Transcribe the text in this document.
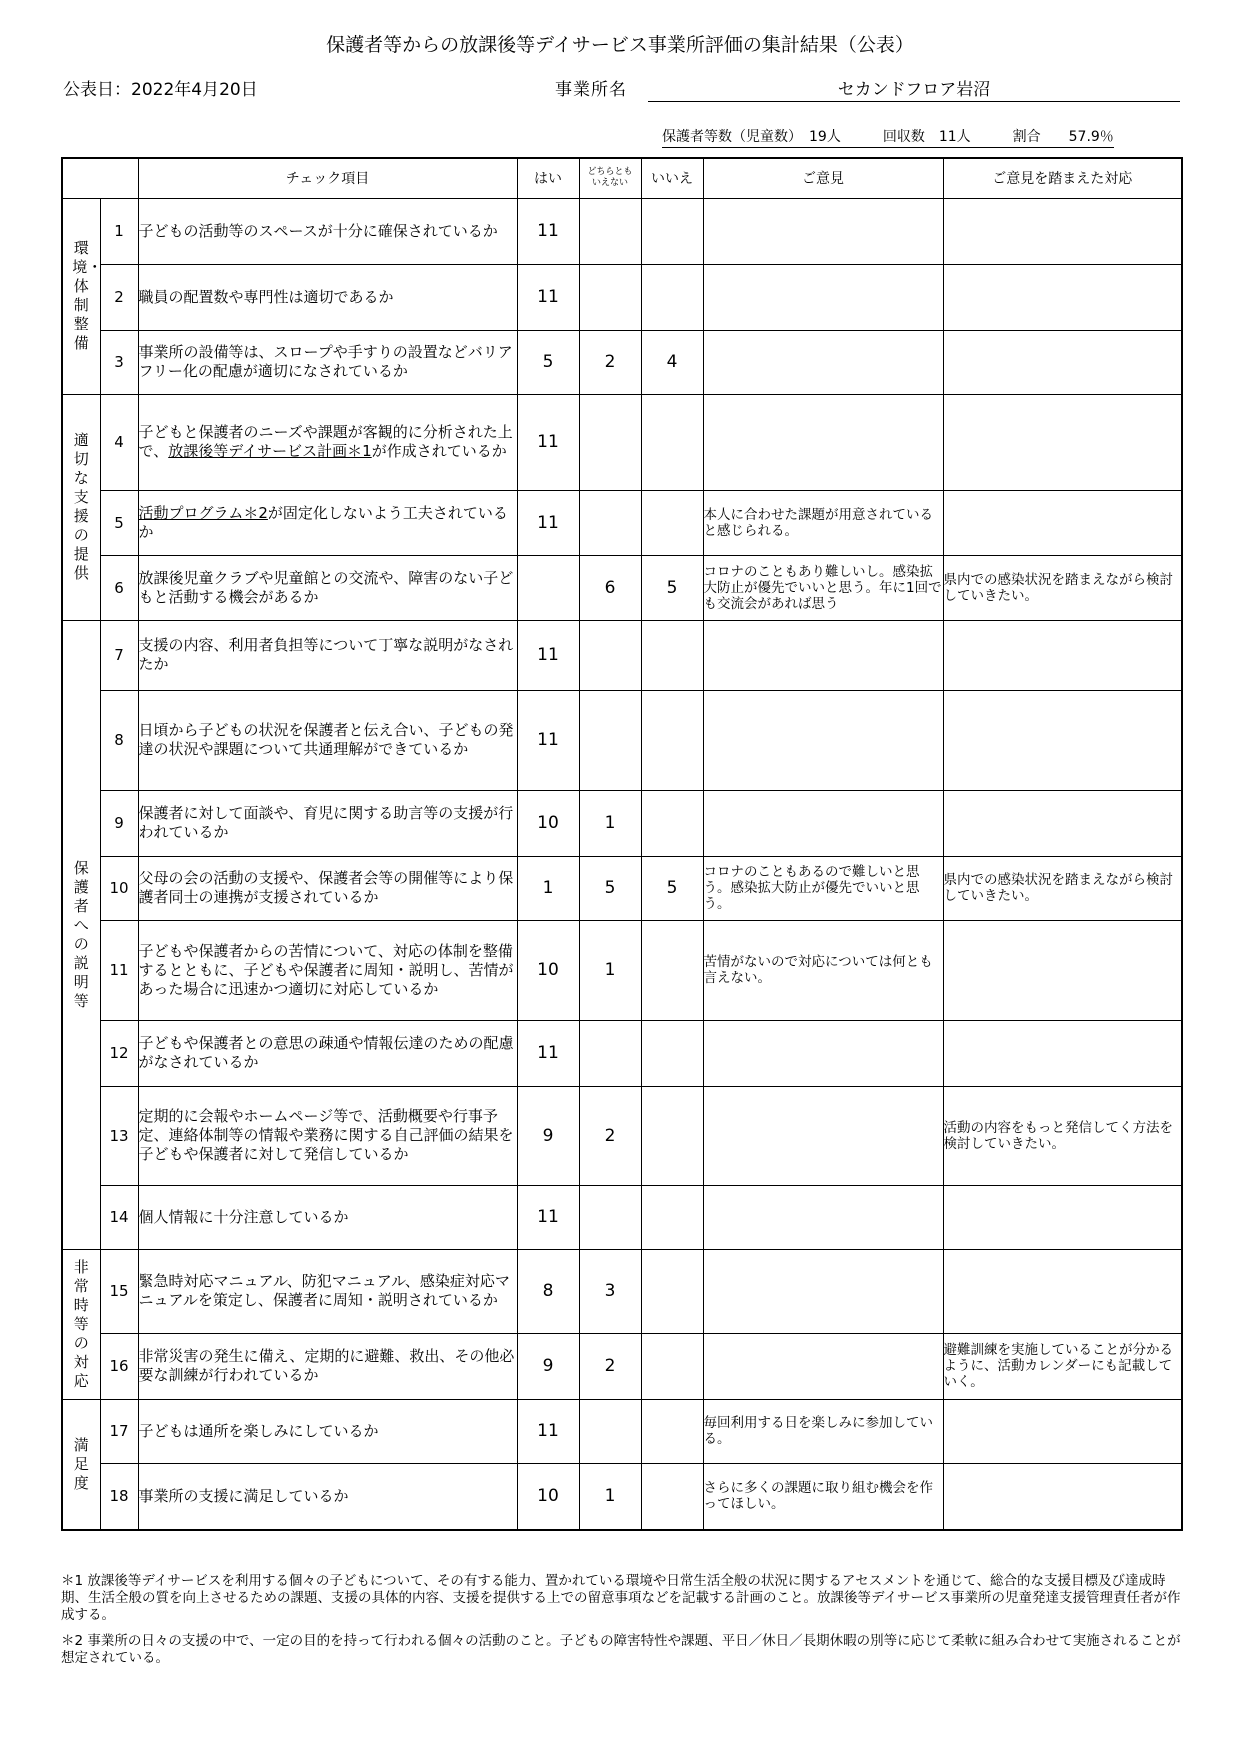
保護者等からの放課後等デイサービス事業所評価の集計結果（公表）
公表日：2022年4月20日	事業所名	セカンドフロア岩沼
保護者等数（児童数）　19人　　　回収数　11人　　　割合　　57.9％
		チェック項目	はい	どちらとも
いえない	いいえ	ご意見	ご意見を踏まえた対応
環境・体制整備	1	子どもの活動等のスペースが十分に確保されているか	11			

	2	職員の配置数や専門性は適切であるか	11			

	3	事業所の設備等は、スロープや手すりの設置などバリアフリー化の配慮が適切になされているか	5	2	4	

適切な支援の提供	4	子どもと保護者のニーズや課題が客観的に分析された上で、放課後等デイサービス計画＊1が作成されているか	11			

	5	活動プログラム＊2が固定化しないよう工夫されているか	11			本人に合わせた課題が用意されていると感じられる。	

	6	放課後児童クラブや児童館との交流や、障害のない子どもと活動する機会があるか		6	5	コロナのこともあり難しいし。感染拡大防止が優先でいいと思う。年に1回でも交流会があれば思う	県内での感染状況を踏まえながら検討していきたい。

保護者への説明等	7	支援の内容、利用者負担等について丁寧な説明がなされたか	11			

	8	日頃から子どもの状況を保護者と伝え合い、子どもの発達の状況や課題について共通理解ができているか	11			

	9	保護者に対して面談や、育児に関する助言等の支援が行われているか	10	1		

	10	父母の会の活動の支援や、保護者会等の開催等により保護者同士の連携が支援されているか	1	5	5	コロナのこともあるので難しいと思う。感染拡大防止が優先でいいと思う。	県内での感染状況を踏まえながら検討していきたい。

	11	子どもや保護者からの苦情について、対応の体制を整備するとともに、子どもや保護者に周知・説明し、苦情があった場合に迅速かつ適切に対応しているか	10	1		苦情がないので対応については何とも言えない。	

	12	子どもや保護者との意思の疎通や情報伝達のための配慮がなされているか	11			

	13	定期的に会報やホームページ等で、活動概要や行事予定、連絡体制等の情報や業務に関する自己評価の結果を子どもや保護者に対して発信しているか	9	2			活動の内容をもっと発信してく方法を検討していきたい。

	14	個人情報に十分注意しているか	11			

非常時等の対応	15	緊急時対応マニュアル、防犯マニュアル、感染症対応マニュアルを策定し、保護者に周知・説明されているか	8	3		

	16	非常災害の発生に備え、定期的に避難、救出、その他必要な訓練が行われているか	9	2			避難訓練を実施していることが分かるように、活動カレンダーにも記載していく。

満足度	17	子どもは通所を楽しみにしているか	11			毎回利用する日を楽しみに参加している。	

	18	事業所の支援に満足しているか	10	1		さらに多くの課題に取り組む機会を作ってほしい。	

＊1 放課後等デイサービスを利用する個々の子どもについて、その有する能力、置かれている環境や日常生活全般の状況に関するアセスメントを通じて、総合的な支援目標及び達成時期、生活全般の質を向上させるための課題、支援の具体的内容、支援を提供する上での留意事項などを記載する計画のこと。放課後等デイサービス事業所の児童発達支援管理責任者が作成する。
＊2 事業所の日々の支援の中で、一定の目的を持って行われる個々の活動のこと。子どもの障害特性や課題、平日／休日／長期休暇の別等に応じて柔軟に組み合わせて実施されることが想定されている。
